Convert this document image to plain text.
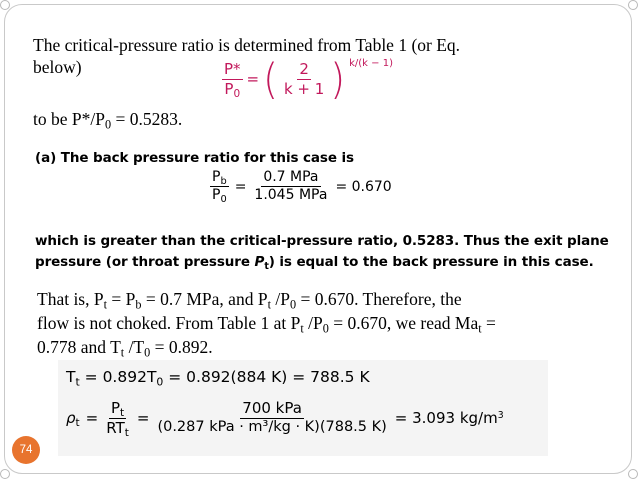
The critical-pressure ratio is determined from Table 1 (or Eq.
below)
to be $P*/P_0 = 0.5283$.
$\frac{P*}{P_0}$ = ( $\frac{2}{k + 1}$ ) k/(k − 1)
(a) The back pressure ratio for this case is
$\frac{P_b}{P_0} = \frac{\text{0.7 MPa}}{\text{1.045 MPa}} = 0.670$
which is greater than the critical-pressure ratio, 0.5283. Thus the exit plane
pressure (or throat pressure $P_t$) is equal to the back pressure in this case.
That is, $P_t = P_b = 0.7$ MPa, and $P_t$ $/P_0 = 0.670$. Therefore, the
flow is not choked. From Table 1 at $P_t$ $/P_0 = 0.670$, we read $Ma_t$ =
0.778 and $T_t$ $/T_0 = 0.892$.
$T_t = 0.892T_0 = 0.892(884$ K) = 788.5 K
$\rho_t = \frac{P_t}{RT_t} = \frac{\text{700 kPa}}{\text{(0.287 kPa · m³/kg · K)(788.5 K)}} = 3.093$ $kg/m^3$
74
